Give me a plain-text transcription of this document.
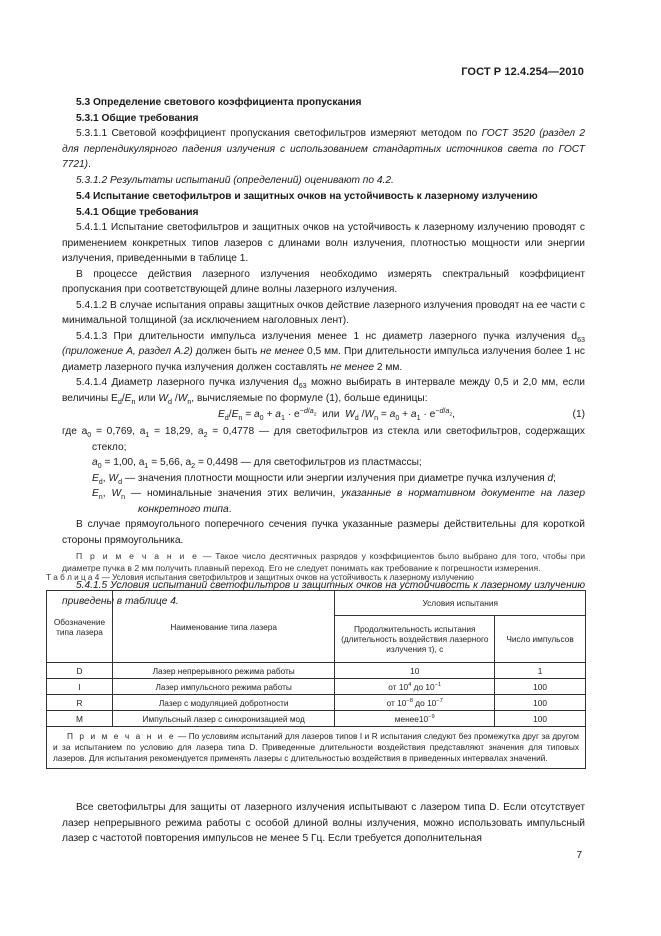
ГОСТ Р 12.4.254—2010

5.3 Определение светового коэффициента пропускания

5.3.1 Общие требования

5.3.1.1 Световой коэффициент пропускания светофильтров измеряют методом по ГОСТ 3520 (раздел 2 для перпендикулярного падения излучения с использованием стандартных источников света по ГОСТ 7721).

5.3.1.2 Результаты испытаний (определений) оценивают по 4.2.

5.4 Испытание светофильтров и защитных очков на устойчивость к лазерному излучению

5.4.1 Общие требования

5.4.1.1 Испытание светофильтров и защитных очков на устойчивость к лазерному излучению проводят с применением конкретных типов лазеров с длинами волн излучения, плотностью мощности или энергии излучения, приведенными в таблице 1.

В процессе действия лазерного излучения необходимо измерять спектральный коэффициент пропускания при соответствующей длине волны лазерного излучения.

5.4.1.2 В случае испытания оправы защитных очков действие лазерного излучения проводят на ее части с минимальной толщиной (за исключением наголовных лент).

5.4.1.3 При длительности импульса излучения менее 1 нс диаметр лазерного пучка излучения $d_{63}$ (приложение А, раздел А.2) должен быть не менее 0,5 мм. При длительности импульса излучения более 1 нс диаметр лазерного пучка излучения должен составлять не менее 2 мм.

5.4.1.4 Диаметр лазерного пучка излучения $d_{63}$ можно выбирать в интервале между 0,5 и 2,0 мм, если величины $E_d/E_n$ или $W_d$ $/W_n$, вычисляемые по формуле (1), больше единицы:

$E_d/E_n = a_0 + a_1 \cdot e^{-d/a_2}$  или  $W_d$ $/W_n = a_0 + a_1 \cdot e^{-d/a_2}$,	(1)

где $a_0 = 0,769$, $a_1 = 18,29$, $a_2 = 0,4778$ — для светофильтров из стекла или светофильтров, содержащих стекло;

$a_0 = 1,00$, $a_1 = 5,66$, $a_2 = 0,4498$ — для светофильтров из пластмассы;

$E_d$, $W_d$ — значения плотности мощности или энергии излучения при диаметре пучка излучения d;

$E_n$, $W_n$ — номинальные значения этих величин, указанные в нормативном документе на лазер конкретного типа.

В случае прямоугольного поперечного сечения пучка указанные размеры действительны для короткой стороны прямоугольника.

П р и м е ч а н и е — Такое число десятичных разрядов у коэффициентов было выбрано для того, чтобы при диаметре пучка в 2 мм получить плавный переход. Его не следует понимать как требование к погрешности измерения.

5.4.1.5 Условия испытаний светофильтров и защитных очков на устойчивость к лазерному излучению приведены в таблице 4.

Т а б л и ц а 4 — Условия испытания светофильтров и защитных очков на устойчивость к лазерному излучению
Обозначение типа лазера	Наименование типа лазера	Условия испытания	
		Продолжительность испытания (длительность воздействия лазерного излучения τ), с	Число импульсов
D	Лазер непрерывного режима работы	10	1
I	Лазер импульсного режима работы	от $10^4$ до $10^{-1}$	100
R	Лазер с модуляцией добротности	от $10^{-8}$ до $10^{-7}$	100
M	Импульсный лазер с синхронизацией мод	$менее10^{-9}$	100
П р и м е ч а н и е — По условиям испытаний для лазеров типов I и R испытания следуют без промежутка друг за другом и за испытанием по условию для лазера типа D. Приведенные длительности воздействия представляют значения для типовых лазеров. Для испытания рекомендуется применять лазеры с длительностью воздействия в приведенных интервалах значений.			

Все светофильтры для защиты от лазерного излучения испытывают с лазером типа D. Если отсутствует лазер непрерывного режима работы с особой длиной волны излучения, можно использовать импульсный лазер с частотой повторения импульсов не менее 5 Гц. Если требуется дополнительная

7
